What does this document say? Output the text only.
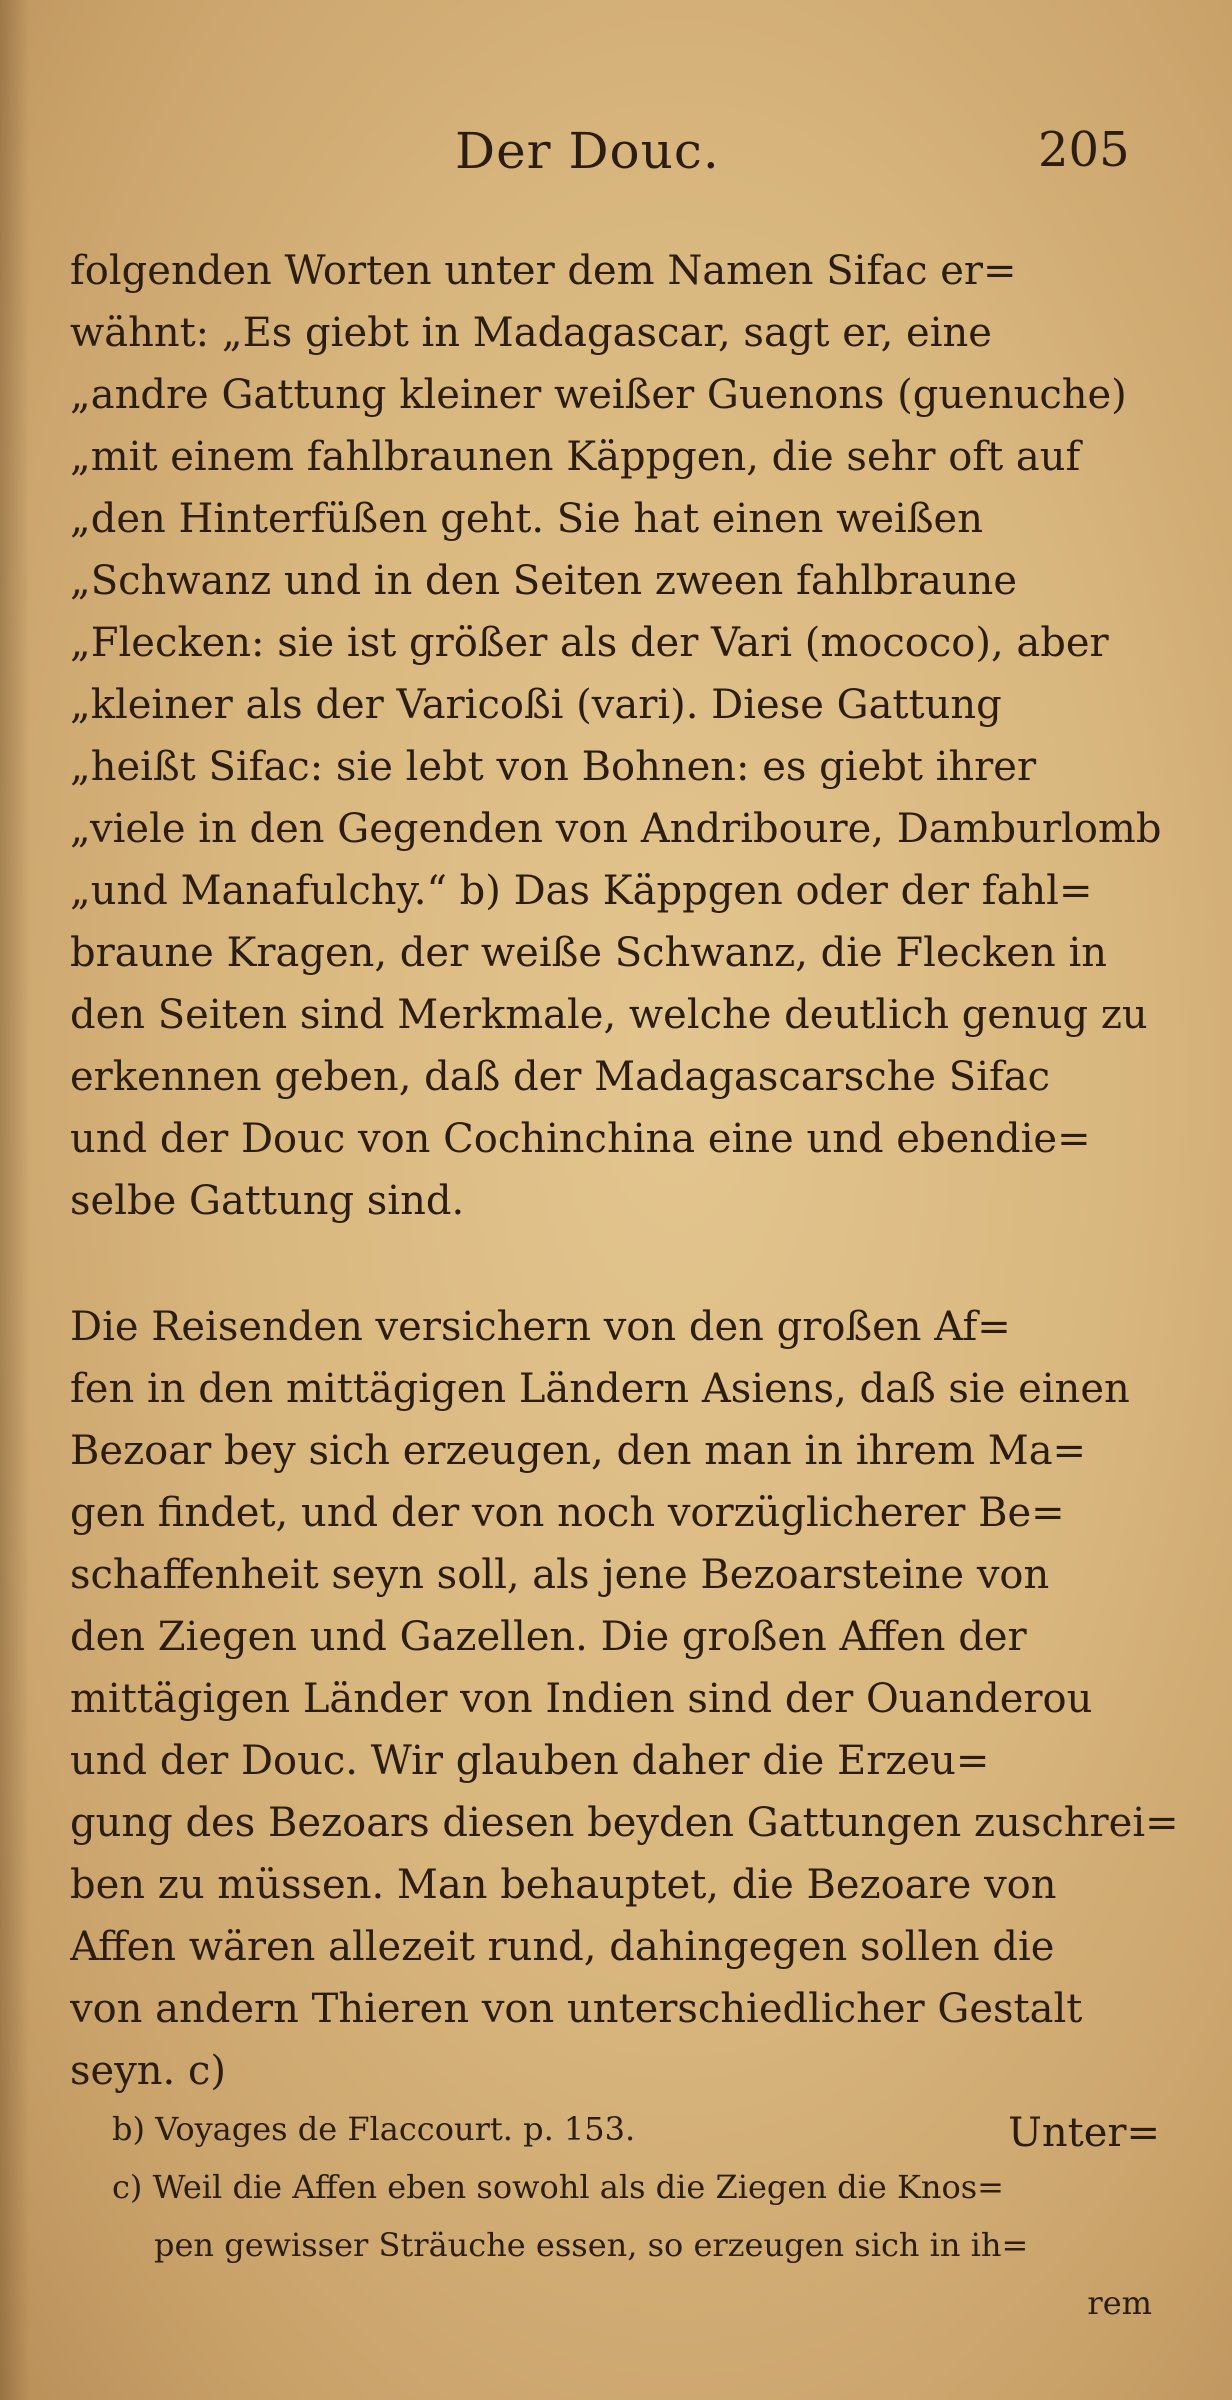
Der Douc.	205
folgenden Worten unter dem Namen Sifac er=
wähnt: „Es giebt in Madagascar, sagt er, eine
„andre Gattung kleiner weißer Guenons (guenuche)
„mit einem fahlbraunen Käppgen, die sehr oft auf
„den Hinterfüßen geht. Sie hat einen weißen
„Schwanz und in den Seiten zween fahlbraune
„Flecken: sie ist größer als der Vari (mococo), aber
„kleiner als der Varicoßi (vari). Diese Gattung
„heißt Sifac: sie lebt von Bohnen: es giebt ihrer
„viele in den Gegenden von Andriboure, Damburlomb
„und Manafulchy.“ b) Das Käppgen oder der fahl=
braune Kragen, der weiße Schwanz, die Flecken in
den Seiten sind Merkmale, welche deutlich genug zu
erkennen geben, daß der Madagascarsche Sifac
und der Douc von Cochinchina eine und ebendie=
selbe Gattung sind.
Die Reisenden versichern von den großen Af=
fen in den mittägigen Ländern Asiens, daß sie einen
Bezoar bey sich erzeugen, den man in ihrem Ma=
gen findet, und der von noch vorzüglicherer Be=
schaffenheit seyn soll, als jene Bezoarsteine von
den Ziegen und Gazellen. Die großen Affen der
mittägigen Länder von Indien sind der Ouanderou
und der Douc. Wir glauben daher die Erzeu=
gung des Bezoars diesen beyden Gattungen zuschrei=
ben zu müssen. Man behauptet, die Bezoare von
Affen wären allezeit rund, dahingegen sollen die
von andern Thieren von unterschiedlicher Gestalt
seyn. c)
Unter=
b) Voyages de Flaccourt. p. 153.
c) Weil die Affen eben sowohl als die Ziegen die Knos=
pen gewisser Sträuche essen, so erzeugen sich in ih=
rem
